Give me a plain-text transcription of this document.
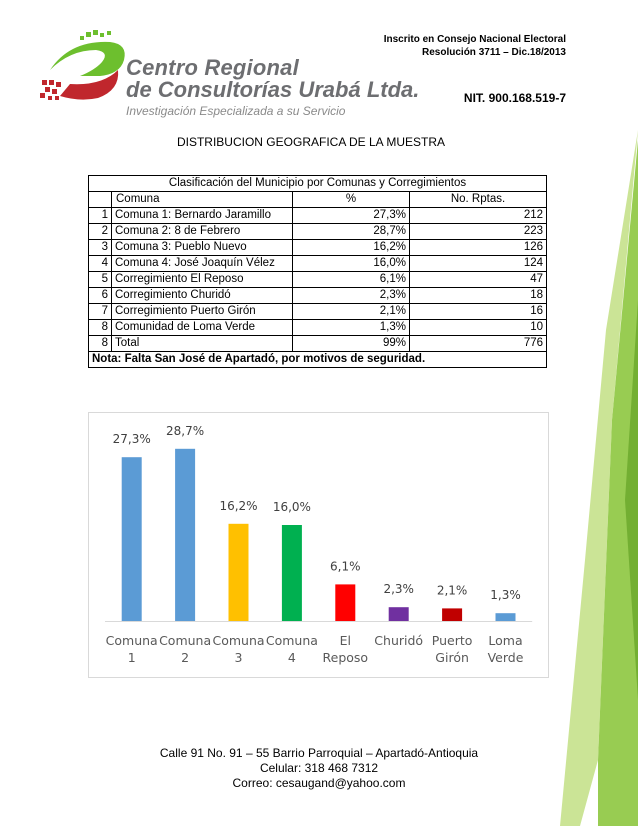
Centro Regional
de Consultorías Urabá Ltda.
Investigación Especializada a su Servicio
Inscrito en Consejo Nacional Electoral
Resolución 3711 – Dic.18/2013
NIT. 900.168.519-7
DISTRIBUCION GEOGRAFICA DE LA MUESTRA
Clasificación del Municipio por Comunas y Corregimientos			
	Comuna	%	No. Rptas.
1	Comuna 1: Bernardo Jaramillo	27,3%	212
2	Comuna 2: 8 de Febrero	28,7%	223
3	Comuna 3: Pueblo Nuevo	16,2%	126
4	Comuna 4: José Joaquín Vélez	16,0%	124
5	Corregimiento El Reposo	6,1%	47
6	Corregimiento Churidó	2,3%	18
7	Corregimiento Puerto Girón	2,1%	16
8	Comunidad de Loma Verde	1,3%	10
8	Total	99%	776
Nota: Falta San José de Apartadó, por motivos de seguridad.			
27,3%
Comuna
1
28,7%
Comuna
2
16,2%
Comuna
3
16,0%
Comuna
4
6,1%
El
Reposo
2,3%
Churidó
2,1%
Puerto
Girón
1,3%
Loma
Verde
Calle 91 No. 91 – 55 Barrio Parroquial – Apartadó-Antioquia
Celular: 318 468 7312
Correo: cesaugand@yahoo.com
